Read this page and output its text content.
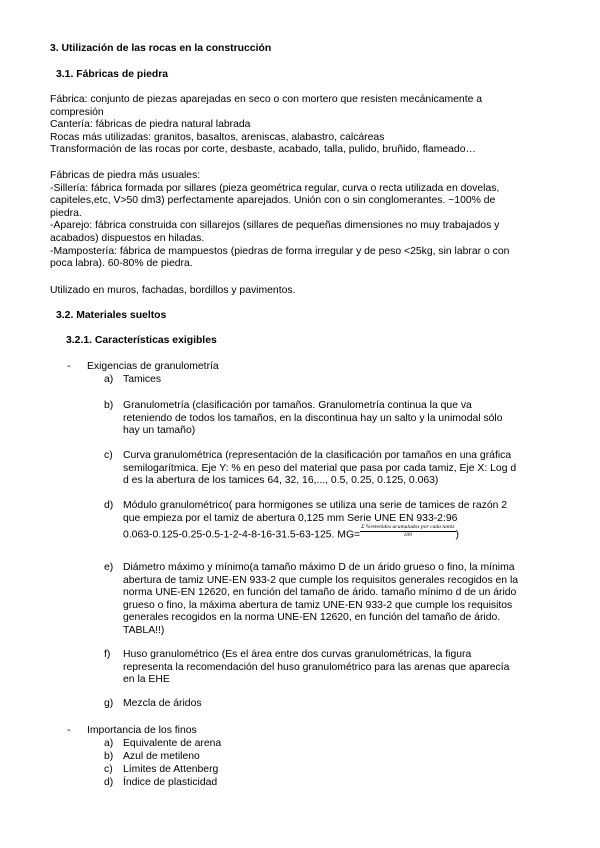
3. Utilización de las rocas en la construcción
3.1. Fábricas de piedra
Fábrica: conjunto de piezas aparejadas en seco o con mortero que resisten mecánicamente a
compresión
Cantería: fábricas de piedra natural labrada
Rocas más utilizadas: granitos, basaltos, areniscas, alabastro, calcáreas
Transformación de las rocas por corte, desbaste, acabado, talla, pulido, bruñido, flameado…
Fábricas de piedra más usuales:
-Sillería: fábrica formada por sillares (pieza geométrica regular, curva o recta utilizada en dovelas,
capiteles,etc, V>50 dm3) perfectamente aparejados. Unión con o sin conglomerantes. ~100% de
piedra.
-Aparejo: fábrica construida con sillarejos (sillares de pequeñas dimensiones no muy trabajados y
acabados) dispuestos en hiladas.
-Mampostería: fábrica de mampuestos (piedras de forma irregular y de peso <25kg, sin labrar o con
poca labra). 60-80% de piedra.
Utilizado en muros, fachadas, bordillos y pavimentos.
3.2. Materiales sueltos
3.2.1. Características exigibles
- Exigencias de granulometría
a) Tamices
b) Granulometría (clasificación por tamaños. Granulometría continua la que va
reteniendo de todos los tamaños, en la discontinua hay un salto y la unimodal sólo
hay un tamaño)
c) Curva granulométrica (representación de la clasificación por tamaños en una gráfica
semilogarítmica. Eje Y: % en peso del material que pasa por cada tamiz, Eje X: Log d
d es la abertura de los tamices 64, 32, 16,..., 0.5, 0.25, 0.125, 0.063)
d) Módulo granulométrico( para hormigones se utiliza una serie de tamices de razón 2
que empieza por el tamiz de abertura 0,125 mm Serie UNE EN 933-2:96
0.063-0.125-0.25-0.5-1-2-4-8-16-31.5-63-125. $MG= \frac{\text{Σ \%retenidos acumulados por cada tamiz}}{100}$ )
e) Diámetro máximo y mínimo(a tamaño máximo D de un árido grueso o fino, la mínima
abertura de tamiz UNE-EN 933-2 que cumple los requisitos generales recogidos en la
norma UNE-EN 12620, en función del tamaño de árido. tamaño mínimo d de un árido
grueso o fino, la máxima abertura de tamiz UNE-EN 933-2 que cumple los requisitos
generales recogidos en la norma UNE-EN 12620, en función del tamaño de árido.
TABLA!!)
f) Huso granulométrico (Es el área entre dos curvas granulométricas, la figura
representa la recomendación del huso granulométrico para las arenas que aparecía
en la EHE
g) Mezcla de áridos
- Importancia de los finos
a) Equivalente de arena
b) Azul de metileno
c) Límites de Attenberg
d) Índice de plasticidad
